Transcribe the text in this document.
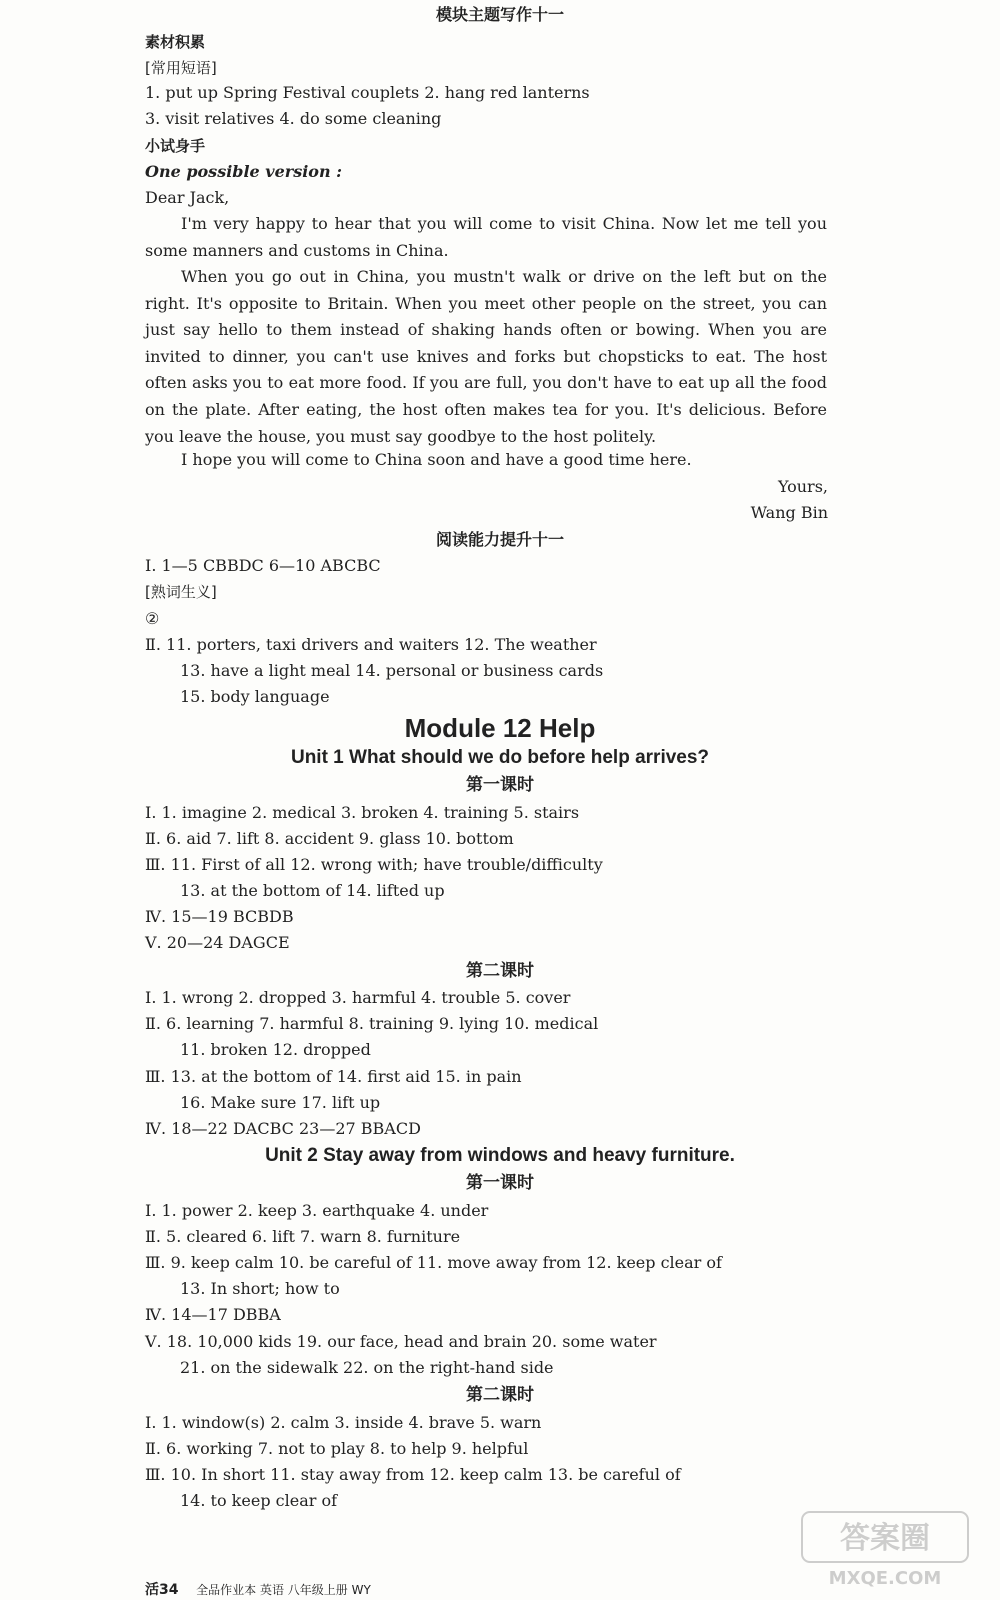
模块主题写作十一

素材积累

[常用短语]

1. put up Spring Festival couplets 2. hang red lanterns

3. visit relatives 4. do some cleaning

小试身手

One possible version :

Dear Jack,

I'm very happy to hear that you will come to visit China. Now let me tell you some manners and customs in China.

When you go out in China, you mustn't walk or drive on the left but on the right. It's opposite to Britain. When you meet other people on the street, you can just say hello to them instead of shaking hands often or bowing. When you are invited to dinner, you can't use knives and forks but chopsticks to eat. The host often asks you to eat more food. If you are full, you don't have to eat up all the food on the plate. After eating, the host often makes tea for you. It's delicious. Before you leave the house, you must say goodbye to the host politely.

I hope you will come to China soon and have a good time here.

Yours,

Wang Bin

阅读能力提升十一

Ⅰ. 1—5 CBBDC 6—10 ABCBC

[熟词生义]

②

Ⅱ. 11. porters, taxi drivers and waiters 12. The weather

13. have a light meal 14. personal or business cards

15. body language

Module 12 Help

Unit 1 What should we do before help arrives?

第一课时

Ⅰ. 1. imagine 2. medical 3. broken 4. training 5. stairs

Ⅱ. 6. aid 7. lift 8. accident 9. glass 10. bottom

Ⅲ. 11. First of all 12. wrong with; have trouble/difficulty

13. at the bottom of 14. lifted up

Ⅳ. 15—19 BCBDB

Ⅴ. 20—24 DAGCE

第二课时

Ⅰ. 1. wrong 2. dropped 3. harmful 4. trouble 5. cover

Ⅱ. 6. learning 7. harmful 8. training 9. lying 10. medical

11. broken 12. dropped

Ⅲ. 13. at the bottom of 14. first aid 15. in pain

16. Make sure 17. lift up

Ⅳ. 18—22 DACBC 23—27 BBACD

Unit 2 Stay away from windows and heavy furniture.

第一课时

Ⅰ. 1. power 2. keep 3. earthquake 4. under

Ⅱ. 5. cleared 6. lift 7. warn 8. furniture

Ⅲ. 9. keep calm 10. be careful of 11. move away from 12. keep clear of

13. In short; how to

Ⅳ. 14—17 DBBA

Ⅴ. 18. 10,000 kids 19. our face, head and brain 20. some water

21. on the sidewalk 22. on the right-hand side

第二课时

Ⅰ. 1. window(s) 2. calm 3. inside 4. brave 5. warn

Ⅱ. 6. working 7. not to play 8. to help 9. helpful

Ⅲ. 10. In short 11. stay away from 12. keep calm 13. be careful of

14. to keep clear of

活34 全品作业本 英语 八年级上册 WY

答案圈
MXQE.COM
